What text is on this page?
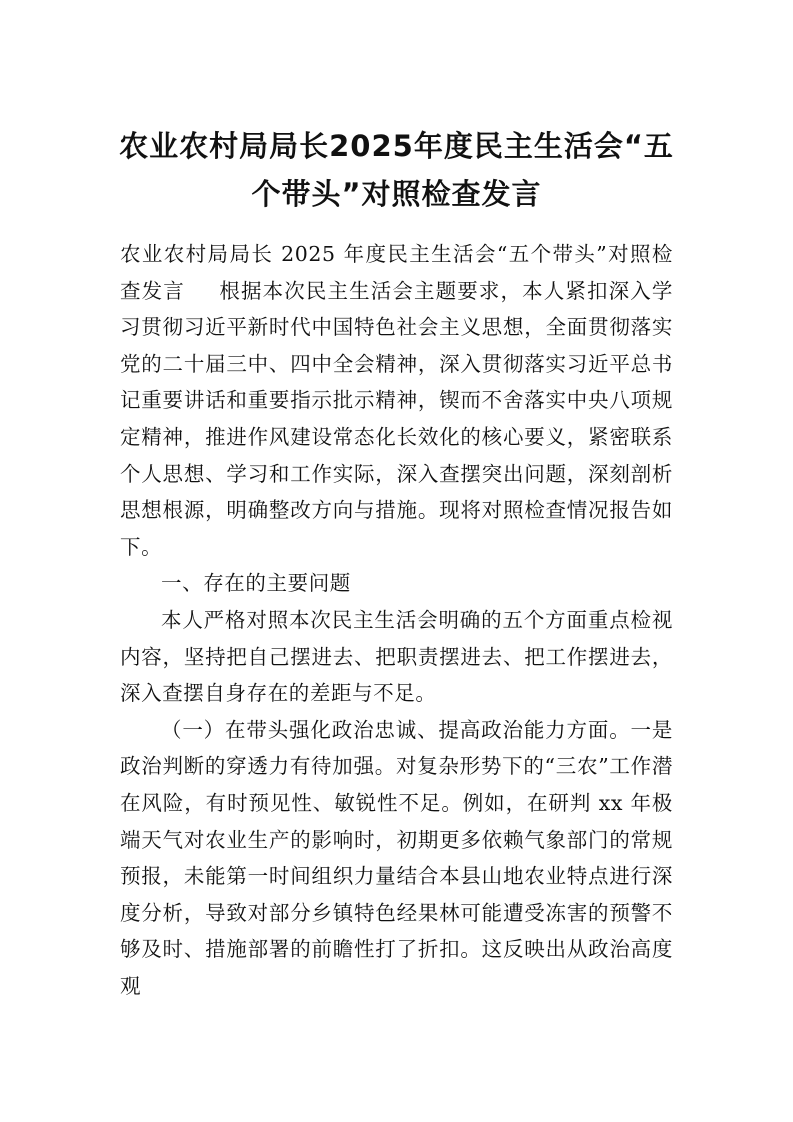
农业农村局局长2025年度民主生活会“五个带头”对照检查发言

农业农村局局长 2025 年度民主生活会“五个带头”对照检查发言 根据本次民主生活会主题要求，本人紧扣深入学习贯彻习近平新时代中国特色社会主义思想，全面贯彻落实党的二十届三中、四中全会精神，深入贯彻落实习近平总书记重要讲话和重要指示批示精神，锲而不舍落实中央八项规定精神，推进作风建设常态化长效化的核心要义，紧密联系个人思想、学习和工作实际，深入查摆突出问题，深刻剖析思想根源，明确整改方向与措施。现将对照检查情况报告如下。

一、存在的主要问题

本人严格对照本次民主生活会明确的五个方面重点检视内容，坚持把自己摆进去、把职责摆进去、把工作摆进去，深入查摆自身存在的差距与不足。

（一）在带头强化政治忠诚、提高政治能力方面。一是政治判断的穿透力有待加强。对复杂形势下的“三农”工作潜在风险，有时预见性、敏锐性不足。例如，在研判 xx 年极端天气对农业生产的影响时，初期更多依赖气象部门的常规预报，未能第一时间组织力量结合本县山地农业特点进行深度分析，导致对部分乡镇特色经果林可能遭受冻害的预警不够及时、措施部署的前瞻性打了折扣。这反映出从政治高度观
